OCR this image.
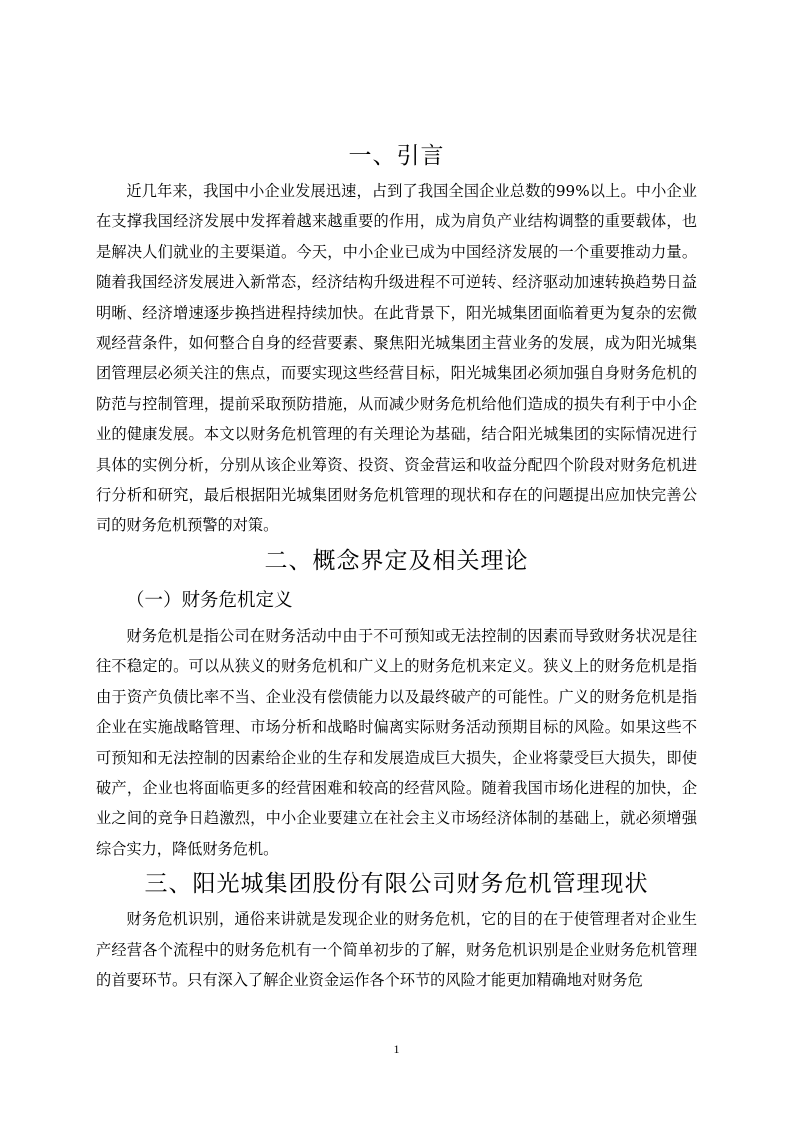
一、引言

近几年来，我国中小企业发展迅速，占到了我国全国企业总数的99%以上。中小企业在支撑我国经济发展中发挥着越来越重要的作用，成为肩负产业结构调整的重要载体，也是解决人们就业的主要渠道。今天，中小企业已成为中国经济发展的一个重要推动力量。随着我国经济发展进入新常态，经济结构升级进程不可逆转、经济驱动加速转换趋势日益明晰、经济增速逐步换挡进程持续加快。在此背景下，阳光城集团面临着更为复杂的宏微观经营条件，如何整合自身的经营要素、聚焦阳光城集团主营业务的发展，成为阳光城集团管理层必须关注的焦点，而要实现这些经营目标，阳光城集团必须加强自身财务危机的防范与控制管理，提前采取预防措施，从而减少财务危机给他们造成的损失有利于中小企业的健康发展。本文以财务危机管理的有关理论为基础，结合阳光城集团的实际情况进行具体的实例分析，分别从该企业筹资、投资、资金营运和收益分配四个阶段对财务危机进行分析和研究，最后根据阳光城集团财务危机管理的现状和存在的问题提出应加快完善公司的财务危机预警的对策。

二、概念界定及相关理论
（一）财务危机定义

财务危机是指公司在财务活动中由于不可预知或无法控制的因素而导致财务状况是往往不稳定的。可以从狭义的财务危机和广义上的财务危机来定义。狭义上的财务危机是指由于资产负债比率不当、企业没有偿债能力以及最终破产的可能性。广义的财务危机是指企业在实施战略管理、市场分析和战略时偏离实际财务活动预期目标的风险。如果这些不可预知和无法控制的因素给企业的生存和发展造成巨大损失，企业将蒙受巨大损失，即使破产，企业也将面临更多的经营困难和较高的经营风险。随着我国市场化进程的加快，企业之间的竞争日趋激烈，中小企业要建立在社会主义市场经济体制的基础上，就必须增强综合实力，降低财务危机。

三、阳光城集团股份有限公司财务危机管理现状

财务危机识别，通俗来讲就是发现企业的财务危机，它的目的在于使管理者对企业生产经营各个流程中的财务危机有一个简单初步的了解，财务危机识别是企业财务危机管理的首要环节。只有深入了解企业资金运作各个环节的风险才能更加精确地对财务危

1
